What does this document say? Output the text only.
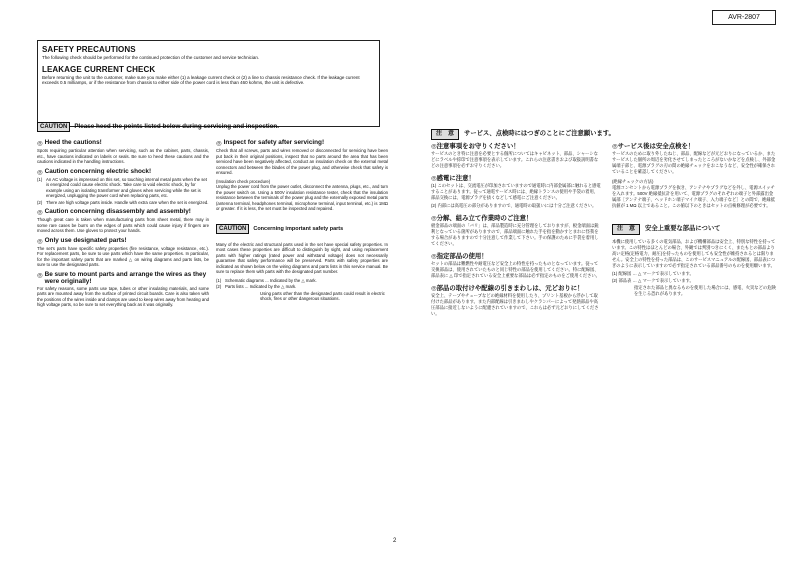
AVR-2807
SAFETY PRECAUTIONS

The following check should be performed for the continued protection of the customer and service technician.

LEAKAGE CURRENT CHECK

Before returning the unit to the customer, make sure you make either (1) a leakage current check or (2) a line to chassis resistance check. If the leakage current exceeds 0.5 milliamps, or if the resistance from chassis to either side of the power cord is less than 460 kohms, the unit is defective.

CAUTION Please heed the points listed below during servicing and inspection.
◎ Heed the cautions!

Spots requiring particular attention when servicing, such as the cabinet, parts, chassis, etc., have cautions indicated on labels or seals. Be sure to heed these cautions and the cautions indicated in the handling instructions.

◎ Caution concerning electric shock!
(1) An AC voltage is impressed on this set, so touching internal metal parts when the set is energized could cause electric shock. Take care to void electric shock, by for example using an isolating transformer and gloves when servicing while the set is energized, unplugging the power cord when replacing parts, etc.
(2) There are high voltage parts inside. Handle with extra care when the set is energized.
◎ Caution concerning disassembly and assembly!

Though great care is taken when manufacturing parts from sheet metal, there may in some rare cases be burrs on the edges of parts which could cause injury if fingers are moved across them. Use gloves to protect your hands.

◎ Only use designated parts!

The set's parts have specific safety properties (fire resistance, voltage resistance, etc.). For replacement parts, be sure to use parts which have the same properties. In particular, for the important safety parts that are marked △ on wiring diagrams and parts lists, be sure to use the designated parts.

◎ Be sure to mount parts and arrange the wires as they were originally!

For safety reasons, some parts use tape, tubes or other insulating materials, and some parts are mounted away from the surface of printed circuit boards. Care is also taken with the positions of the wires inside and clamps are used to keep wires away from heating and high voltage parts, so be sure to set everything back as it was originally.

◎ Inspect for safety after servicing!

Check that all screws, parts and wires removed or disconnected for servicing have been put back in their original positions, inspect that no parts around the area that has been serviced have been negatively affected, conduct an insulation check on the external metal connectors and between the blades of the power plug, and otherwise check that safety is ensured.

(Insulation check procedure)

Unplug the power cord from the power outlet, disconnect the antenna, plugs, etc., and turn the power switch on. Using a 500V insulation resistance tester, check that the insulation resistance between the terminals of the power plug and the externally exposed metal parts (antenna terminal, headphones terminal, microphone terminal, input terminal, etc.) is 1MΩ or greater. If it is less, the set must be inspected and repaired.

CAUTION Concerning important safety parts

Many of the electric and structural parts used in the set have special safety properties. In most cases these properties are difficult to distinguish by sight, and using replacement parts with higher ratings (rated power and withstand voltage) does not necessarily guarantee that safety performance will be preserved. Parts with safety properties are indicated as shown below on the wiring diagrams and parts lists in this service manual. Be sure to replace them with parts with the designated part number.

(1) Schematic diagrams ... Indicated by the △ mark.
(2) Parts lists ... Indicated by the △ mark.
Using parts other than the designated parts could result in electric shock, fires or other dangerous situations.
注　意 サービス、点検時にはつぎのことにご注意願います。
◎注意事項をお守りください！

サービスのとき特に注意を必要とする個所についてはキャビネット、部品、シャーシなどにラベルや捺印で注意事項を表示しています。これらの注意書きおよび取扱説明書などの注意事項を必ずお守りください。

◎感電に注意！

(1) このセットは、交流電圧が印加されていますので通電時に内部金属部に触れると感電することがあります。従って通電サービス時には、絶縁トランスの使用や手袋の着用、部品交換には、電源プラグを抜くなどして感電にご注意ください。

(2) 内部には高電圧の部分がありますので、通電時の取扱いには十分ご注意ください。

◎分解、組み立て作業時のご注意！

板金部品の端面の「バリ」は、部品製造時に充分管理をしておりますが、板金端面は鋭利となっている箇所がありますので、部品端面に触れた手を指を動かすとまれに怪我をする場合がありますので十分注意して作業して下さい。手の保護のために手袋を着用してください。

◎指定部品の使用！

セットの部品は難燃性や耐電圧など安全上の特性を持ったものとなっています。従って交換部品は、使用されていたものと同じ特性の部品を使用してください。特に配線図、部品表に △ 印で指定されている安全上重要な部品は必ず指定のものをご使用ください。

◎部品の取付けや配線の引きまわしは、元どおりに！

安全上、テープやチューブなどの絶縁材料を使用したり、プリント基板から浮かして取付けた部品があります。また内部配線は引きまわしやクランパーによって発熱部品や高圧部品に接近しないように配慮されていますので、これらは必ず元どおりにしてください。

◎サービス後は安全点検を！

サービスのために取り外したねじ、部品、配線などが元どおりになっているか、またサービスした個所の周辺を劣化させてしまったところがないかなどを点検し、外部金属端子部と、電源プラグの刃の間の絶縁チェックをおこなうなど、安全性が確保されていることを確認してください。

(絶縁チェックの方法)

電源コンセントから電源プラグを抜き、アンテナやプラグなどを外し、電源スイッチを入れます。500V 絶縁抵抗計を用いて、電源プラグのそれぞれの端子と外部露出金属部［アンテナ端子、ヘッドホン端子マイク端子、入力端子など］との間で、絶縁抵抗値が 1 MΩ 以上であること。この値以下のときはセットの点検修理が必要です。

注　意 安全上重要な部品について

本機に使用している多くの電気部品、および機構部品は安全上、特別な特性を持っています。この特性はほとんどの場合、外観では判別つきにくく、またもとの部品より高い定格(定格電力、耐圧)を持ったものを使用しても安全性が維持されるとは限りません。安全上の特性を持った部品は、このサービスマニュアルの配線図、部品表につぎのように表示していますので必ず指定されている部品番号のものを使用願います。

(1) 配線図 … △ マークで表示しています。

(2) 部品表 … △ マークで表示しています。

指定された部品と異なるものを使用した場合には、感電、火災などの危険を生じる恐れがあります。

2
